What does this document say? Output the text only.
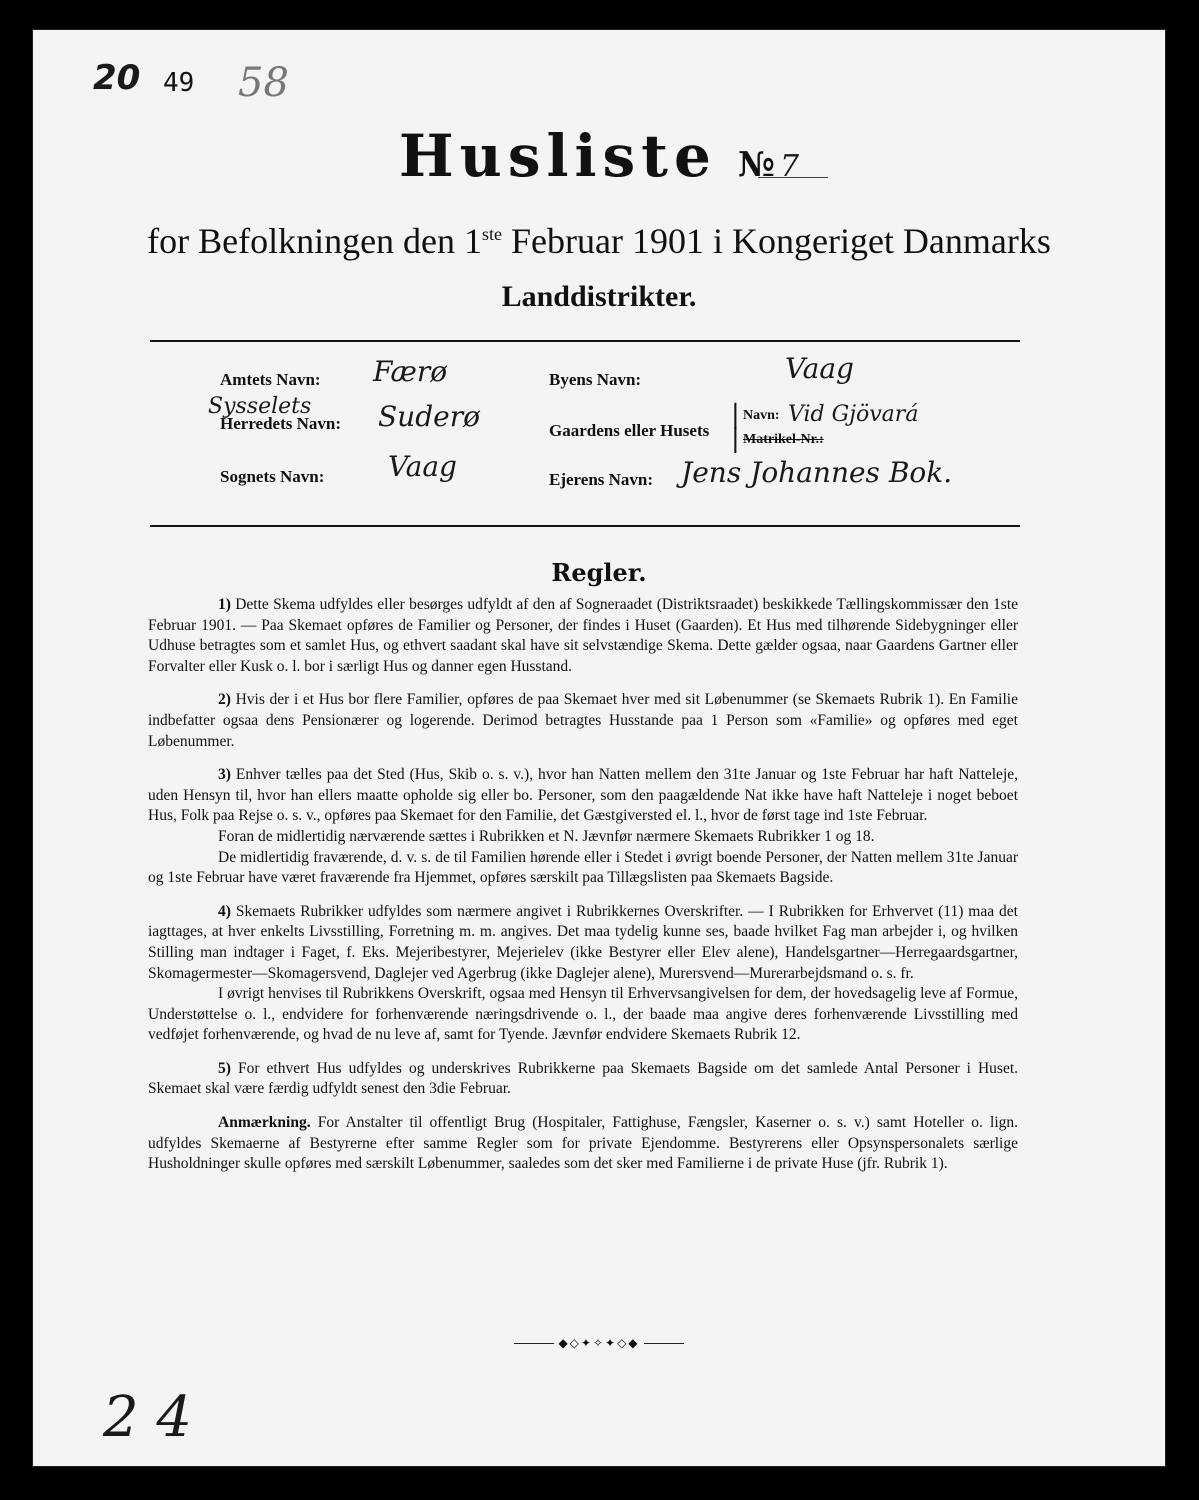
20 49 58
Husliste № 7
for Befolkningen den 1ste Februar 1901 i Kongeriget Danmarks
Landdistrikter.
Amtets Navn: Færø
Sysselets
Herredets Navn: Suderø
Sognets Navn: Vaag
Byens Navn:	Vaag
Gaardens eller Husets
|
|
Navn: Vid Gjövará
Matrikel-Nr.:
Ejerens Navn: Jens Johannes Bok.
Regler.

1) Dette Skema udfyldes eller besørges udfyldt af den af Sogneraadet (Distriktsraadet) beskikkede Tællingskommissær den 1ste Februar 1901. — Paa Skemaet opføres de Familier og Personer, der findes i Huset (Gaarden). Et Hus med tilhørende Sidebygninger eller Udhuse betragtes som et samlet Hus, og ethvert saadant skal have sit selvstændige Skema. Dette gælder ogsaa, naar Gaardens Gartner eller Forvalter eller Kusk o. l. bor i særligt Hus og danner egen Husstand.

2) Hvis der i et Hus bor flere Familier, opføres de paa Skemaet hver med sit Løbenummer (se Skemaets Rubrik 1). En Familie indbefatter ogsaa dens Pensionærer og logerende. Derimod betragtes Husstande paa 1 Person som «Familie» og opføres med eget Løbenummer.

3) Enhver tælles paa det Sted (Hus, Skib o. s. v.), hvor han Natten mellem den 31te Januar og 1ste Februar har haft Natteleje, uden Hensyn til, hvor han ellers maatte opholde sig eller bo. Personer, som den paagældende Nat ikke have haft Natteleje i noget beboet Hus, Folk paa Rejse o. s. v., opføres paa Skemaet for den Familie, det Gæstgiversted el. l., hvor de først tage ind 1ste Februar.

Foran de midlertidig nærværende sættes i Rubrikken et N. Jævnfør nærmere Skemaets Rubrikker 1 og 18.

De midlertidig fraværende, d. v. s. de til Familien hørende eller i Stedet i øvrigt boende Personer, der Natten mellem 31te Januar og 1ste Februar have været fraværende fra Hjemmet, opføres særskilt paa Tillægslisten paa Skemaets Bagside.

4) Skemaets Rubrikker udfyldes som nærmere angivet i Rubrikkernes Overskrifter. — I Rubrikken for Erhvervet (11) maa det iagttages, at hver enkelts Livsstilling, Forretning m. m. angives. Det maa tydelig kunne ses, baade hvilket Fag man arbejder i, og hvilken Stilling man indtager i Faget, f. Eks. Mejeribestyrer, Mejerielev (ikke Bestyrer eller Elev alene), Handelsgartner—Herregaardsgartner, Skomagermester—Skomagersvend, Daglejer ved Agerbrug (ikke Daglejer alene), Murersvend—Murerarbejdsmand o. s. fr.

I øvrigt henvises til Rubrikkens Overskrift, ogsaa med Hensyn til Erhvervsangivelsen for dem, der hovedsagelig leve af Formue, Understøttelse o. l., endvidere for forhenværende næringsdrivende o. l., der baade maa angive deres forhenværende Livsstilling med vedføjet forhenværende, og hvad de nu leve af, samt for Tyende. Jævnfør endvidere Skemaets Rubrik 12.

5) For ethvert Hus udfyldes og underskrives Rubrikkerne paa Skemaets Bagside om det samlede Antal Personer i Huset. Skemaet skal være færdig udfyldt senest den 3die Februar.

Anmærkning. For Anstalter til offentligt Brug (Hospitaler, Fattighuse, Fængsler, Kaserner o. s. v.) samt Hoteller o. lign. udfyldes Skemaerne af Bestyrerne efter samme Regler som for private Ejendomme. Bestyrerens eller Opsynspersonalets særlige Husholdninger skulle opføres med særskilt Løbenummer, saaledes som det sker med Familierne i de private Huse (jfr. Rubrik 1).

◆◇✦✧✦◇◆
2 4
